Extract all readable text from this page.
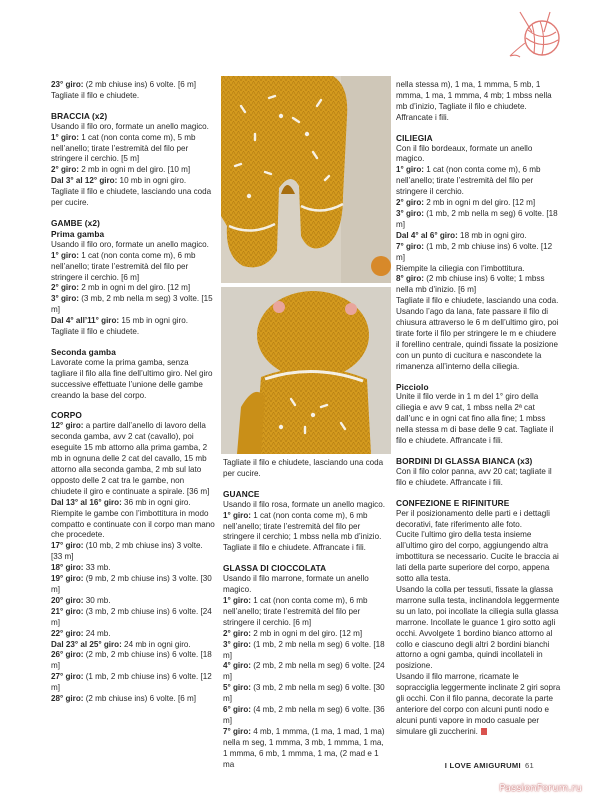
23° giro: (2 mb chiuse ins) 6 volte. [6 m]

Tagliate il filo e chiudete.

BRACCIA (x2)

Usando il filo oro, formate un anello magico.

1° giro: 1 cat (non conta come m), 5 mb nell’anello; tirate l’estremità del filo per stringere il cerchio. [5 m]

2° giro: 2 mb in ogni m del giro. [10 m]

Dal 3° al 12° giro: 10 mb in ogni giro.

Tagliate il filo e chiudete, lasciando una coda per cucire.

GAMBE (x2)
Prima gamba

Usando il filo oro, formate un anello magico.

1° giro: 1 cat (non conta come m), 6 mb nell’anello; tirate l’estremità del filo per stringere il cerchio. [6 m]

2° giro: 2 mb in ogni m del giro. [12 m]

3° giro: (3 mb, 2 mb nella m seg) 3 volte. [15 m]

Dal 4° all’11° giro: 15 mb in ogni giro.

Tagliate il filo e chiudete.

Seconda gamba

Lavorate come la prima gamba, senza tagliare il filo alla fine dell’ultimo giro. Nel giro successive effettuate l’unione delle gambe creando la base del corpo.

CORPO

12° giro: a partire dall’anello di lavoro della seconda gamba, avv 2 cat (cavallo), poi eseguite 15 mb attorno alla prima gamba, 2 mb in ognuna delle 2 cat del cavallo, 15 mb attorno alla seconda gamba, 2 mb sul lato opposto delle 2 cat tra le gambe, non chiudete il giro e continuate a spirale. [36 m]

Dal 13° al 16° giro: 36 mb in ogni giro.

Riempite le gambe con l’imbottitura in modo compatto e continuate con il corpo man mano che procedete.

17° giro: (10 mb, 2 mb chiuse ins) 3 volte. [33 m]

18° giro: 33 mb.

19° giro: (9 mb, 2 mb chiuse ins) 3 volte. [30 m]

20° giro: 30 mb.

21° giro: (3 mb, 2 mb chiuse ins) 6 volte. [24 m]

22° giro: 24 mb.

Dal 23° al 25° giro: 24 mb in ogni giro.

26° giro: (2 mb, 2 mb chiuse ins) 6 volte. [18 m]

27° giro: (1 mb, 2 mb chiuse ins) 6 volte. [12 m]

28° giro: (2 mb chiuse ins) 6 volte. [6 m]

Tagliate il filo e chiudete, lasciando una coda per cucire.

GUANCE

Usando il filo rosa, formate un anello magico.

1° giro: 1 cat (non conta come m), 6 mb nell’anello; tirate l’estremità del filo per stringere il cerchio; 1 mbss nella mb d’inizio. Tagliate il filo e chiudete. Affrancate i fili.

GLASSA DI CIOCCOLATA

Usando il filo marrone, formate un anello magico.

1° giro: 1 cat (non conta come m), 6 mb nell’anello; tirate l’estremità del filo per stringere il cerchio. [6 m]

2° giro: 2 mb in ogni m del giro. [12 m]

3° giro: (1 mb, 2 mb nella m seg) 6 volte. [18 m]

4° giro: (2 mb, 2 mb nella m seg) 6 volte. [24 m]

5° giro: (3 mb, 2 mb nella m seg) 6 volte. [30 m]

6° giro: (4 mb, 2 mb nella m seg) 6 volte. [36 m]

7° giro: 4 mb, 1 mmma, (1 ma, 1 mad, 1 ma) nella m seg, 1 mmma, 3 mb, 1 mmma, 1 ma, 1 mmma, 6 mb, 1 mmma, 1 ma, (2 mad e 1 ma

nella stessa m), 1 ma, 1 mmma, 5 mb, 1 mmma, 1 ma, 1 mmma, 4 mb; 1 mbss nella mb d’inizio, Tagliate il filo e chiudete. Affrancate i fili.

CILIEGIA

Con il filo bordeaux, formate un anello magico.

1° giro: 1 cat (non conta come m), 6 mb nell’anello; tirate l’estremità del filo per stringere il cerchio.

2° giro: 2 mb in ogni m del giro. [12 m]

3° giro: (1 mb, 2 mb nella m seg) 6 volte. [18 m]

Dal 4° al 6° giro: 18 mb in ogni giro.

7° giro: (1 mb, 2 mb chiuse ins) 6 volte. [12 m]

Riempite la ciliegia con l’imbottitura.

8° giro: (2 mb chiuse ins) 6 volte; 1 mbss nella mb d’inizio. [6 m]

Tagliate il filo e chiudete, lasciando una coda. Usando l’ago da lana, fate passare il filo di chiusura attraverso le 6 m dell’ultimo giro, poi tirate forte il filo per stringere le m e chiudere il forellino centrale, quindi fissate la posizione con un punto di cucitura e nascondete la rimanenza all’interno della ciliegia.

Picciolo

Unite il filo verde in 1 m del 1° giro della ciliegia e avv 9 cat, 1 mbss nella 2ª cat dall’unc e in ogni cat fino alla fine; 1 mbss nella stessa m di base delle 9 cat. Tagliate il filo e chiudete. Affrancate i fili.

BORDINI DI GLASSA BIANCA (x3)

Con il filo color panna, avv 20 cat; tagliate il filo e chiudete. Affrancate i fili.

CONFEZIONE E RIFINITURE

Per il posizionamento delle parti e i dettagli decorativi, fate riferimento alle foto.

Cucite l’ultimo giro della testa insieme all’ultimo giro del corpo, aggiungendo altra imbottitura se necessario. Cucite le braccia ai lati della parte superiore del corpo, appena sotto alla testa.

Usando la colla per tessuti, fissate la glassa marrone sulla testa, inclinandola leggermente su un lato, poi incollate la ciliegia sulla glassa marrone. Incollate le guance 1 giro sotto agli occhi. Avvolgete 1 bordino bianco attorno al collo e ciascuno degli altri 2 bordini bianchi attorno a ogni gamba, quindi incollateli in posizione.

Usando il filo marrone, ricamate le sopracciglia leggermente inclinate 2 giri sopra gli occhi. Con il filo panna, decorate la parte anteriore del corpo con alcuni punti nodo e alcuni punti vapore in modo casuale per simulare gli zuccherini.

I LOVE AMIGURUMI 61
PassionForum.ru
